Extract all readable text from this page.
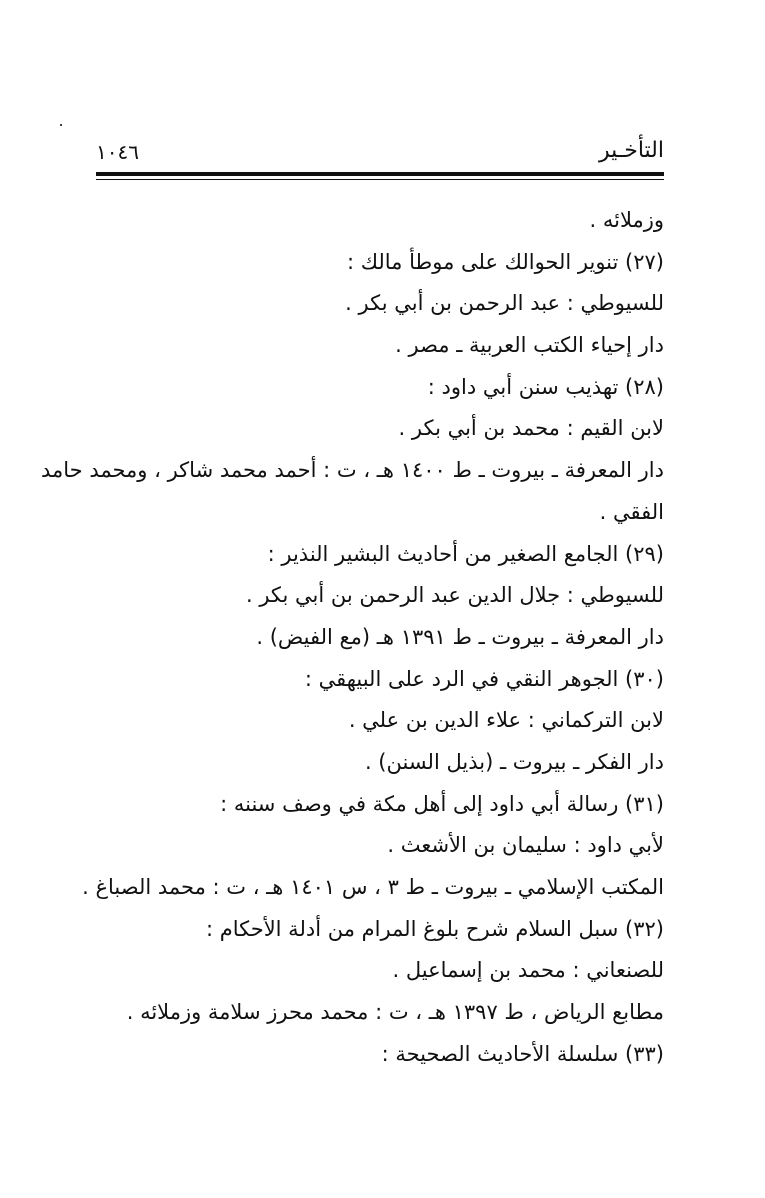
التأخـير
١٠٤٦
وزملائه .
(٢٧) تنوير الحوالك على موطأ مالك :
للسيوطي : عبد الرحمن بن أبي بكر .
دار إحياء الكتب العربية ـ مصر .
(٢٨) تهذيب سنن أبي داود :
لابن القيم : محمد بن أبي بكر .
دار المعرفة ـ بيروت ـ ط ١٤٠٠ هـ ، ت : أحمد محمد شاكر ، ومحمد حامد
الفقي .
(٢٩) الجامع الصغير من أحاديث البشير النذير :
للسيوطي : جلال الدين عبد الرحمن بن أبي بكر .
دار المعرفة ـ بيروت ـ ط ١٣٩١ هـ (مع الفيض) .
(٣٠) الجوهر النقي في الرد على البيهقي :
لابن التركماني : علاء الدين بن علي .
دار الفكر ـ بيروت ـ (بذيل السنن) .
(٣١) رسالة أبي داود إلى أهل مكة في وصف سننه :
لأبي داود : سليمان بن الأشعث .
المكتب الإسلامي ـ بيروت ـ ط ٣ ، س ١٤٠١ هـ ، ت : محمد الصباغ .
(٣٢) سبل السلام شرح بلوغ المرام من أدلة الأحكام :
للصنعاني : محمد بن إسماعيل .
مطابع الرياض ، ط ١٣٩٧ هـ ، ت : محمد محرز سلامة وزملائه .
(٣٣) سلسلة الأحاديث الصحيحة :
